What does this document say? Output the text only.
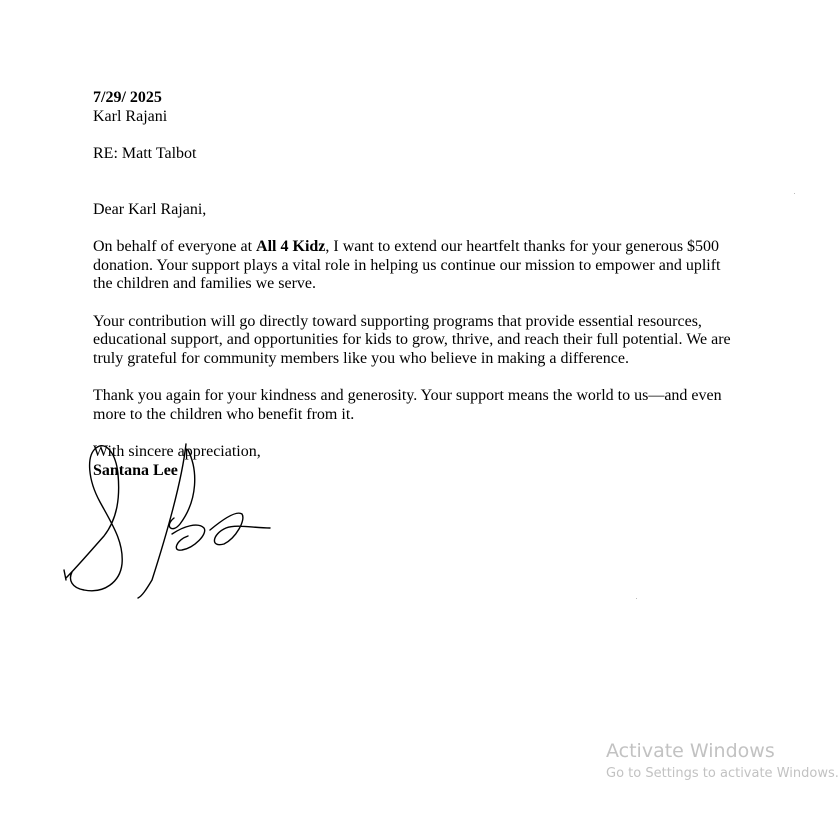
7/29/ 2025

Karl Rajani

RE: Matt Talbot

Dear Karl Rajani,

On behalf of everyone at All 4 Kidz, I want to extend our heartfelt thanks for your generous $500 donation. Your support plays a vital role in helping us continue our mission to empower and uplift the children and families we serve.

Your contribution will go directly toward supporting programs that provide essential resources, educational support, and opportunities for kids to grow, thrive, and reach their full potential. We are truly grateful for community members like you who believe in making a difference.

Thank you again for your kindness and generosity. Your support means the world to us—and even more to the children who benefit from it.

With sincere appreciation,

Santana Lee

Activate Windows
Go to Settings to activate Windows.
